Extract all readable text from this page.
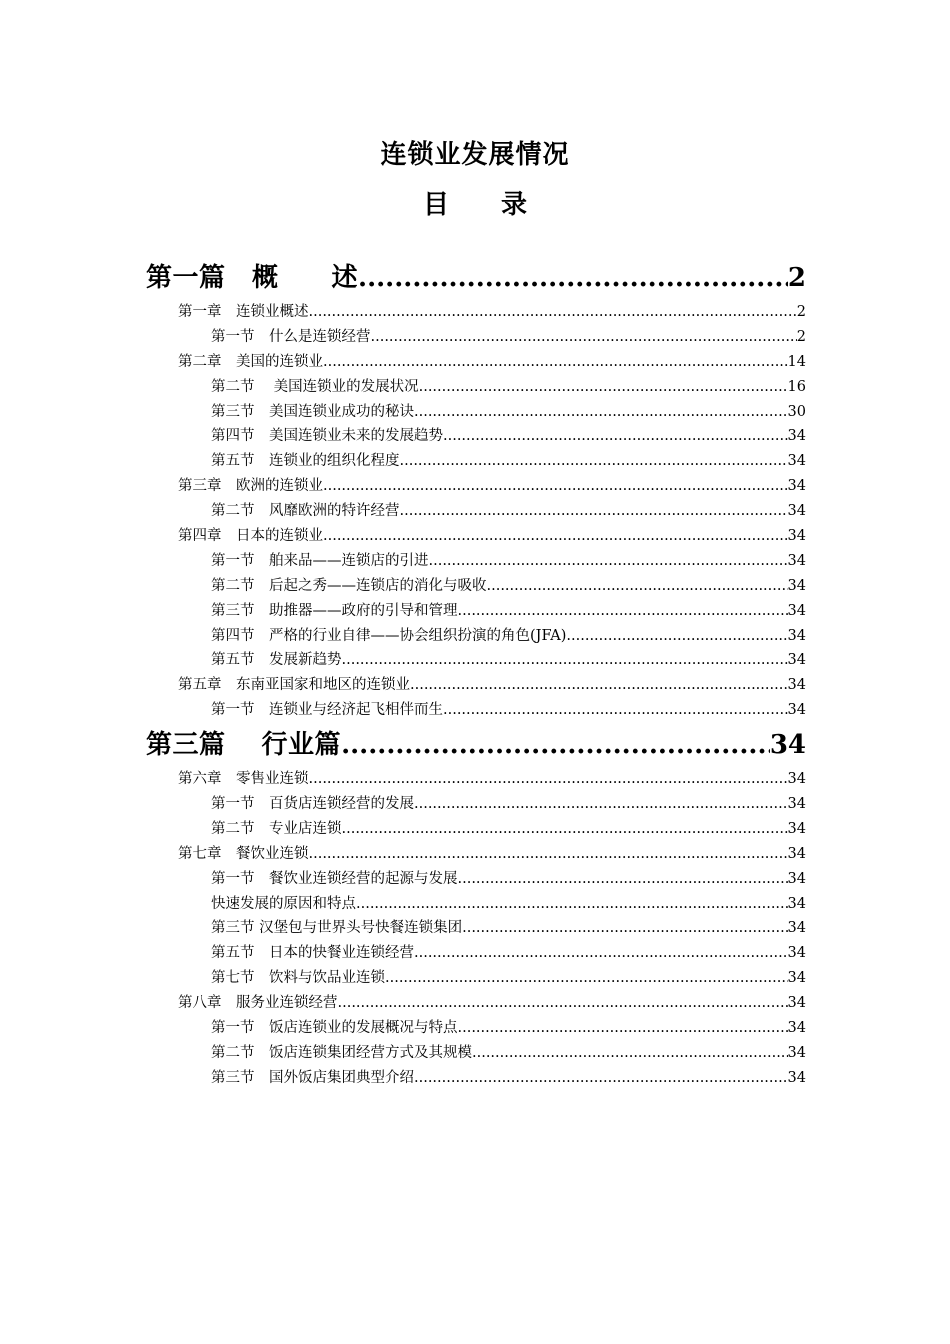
连锁业发展情况
目　　录
第一篇　概　　述 .....	2
第一章　连锁业概述 .....	2
第一节　什么是连锁经营 .....	2
第二章　美国的连锁业 .....	14
第二节　 美国连锁业的发展状况 .....	16
第三节　美国连锁业成功的秘诀 .....	30
第四节　美国连锁业未来的发展趋势 .....	34
第五节　连锁业的组织化程度 .....	34
第三章　欧洲的连锁业 .....	34
第二节　风靡欧洲的特许经营 .....	34
第四章　日本的连锁业 .....	34
第一节　舶来品——连锁店的引进 .....	34
第二节　后起之秀——连锁店的消化与吸收 .....	34
第三节　助推器——政府的引导和管理 .....	34
第四节　严格的行业自律——协会组织扮演的角色(JFA) .....	34
第五节　发展新趋势 .....	34
第五章　东南亚国家和地区的连锁业 .....	34
第一节　连锁业与经济起飞相伴而生 .....	34
第三篇　 行业篇 .....	34
第六章　零售业连锁 .....	34
第一节　百货店连锁经营的发展 .....	34
第二节　专业店连锁 .....	34
第七章　餐饮业连锁 .....	34
第一节　餐饮业连锁经营的起源与发展 .....	34
快速发展的原因和特点 .....	34
第三节 汉堡包与世界头号快餐连锁集团 .....	34
第五节　日本的快餐业连锁经营 .....	34
第七节　饮料与饮品业连锁 .....	34
第八章　服务业连锁经营 .....	34
第一节　饭店连锁业的发展概况与特点 .....	34
第二节　饭店连锁集团经营方式及其规模 .....	34
第三节　国外饭店集团典型介绍 .....	34
